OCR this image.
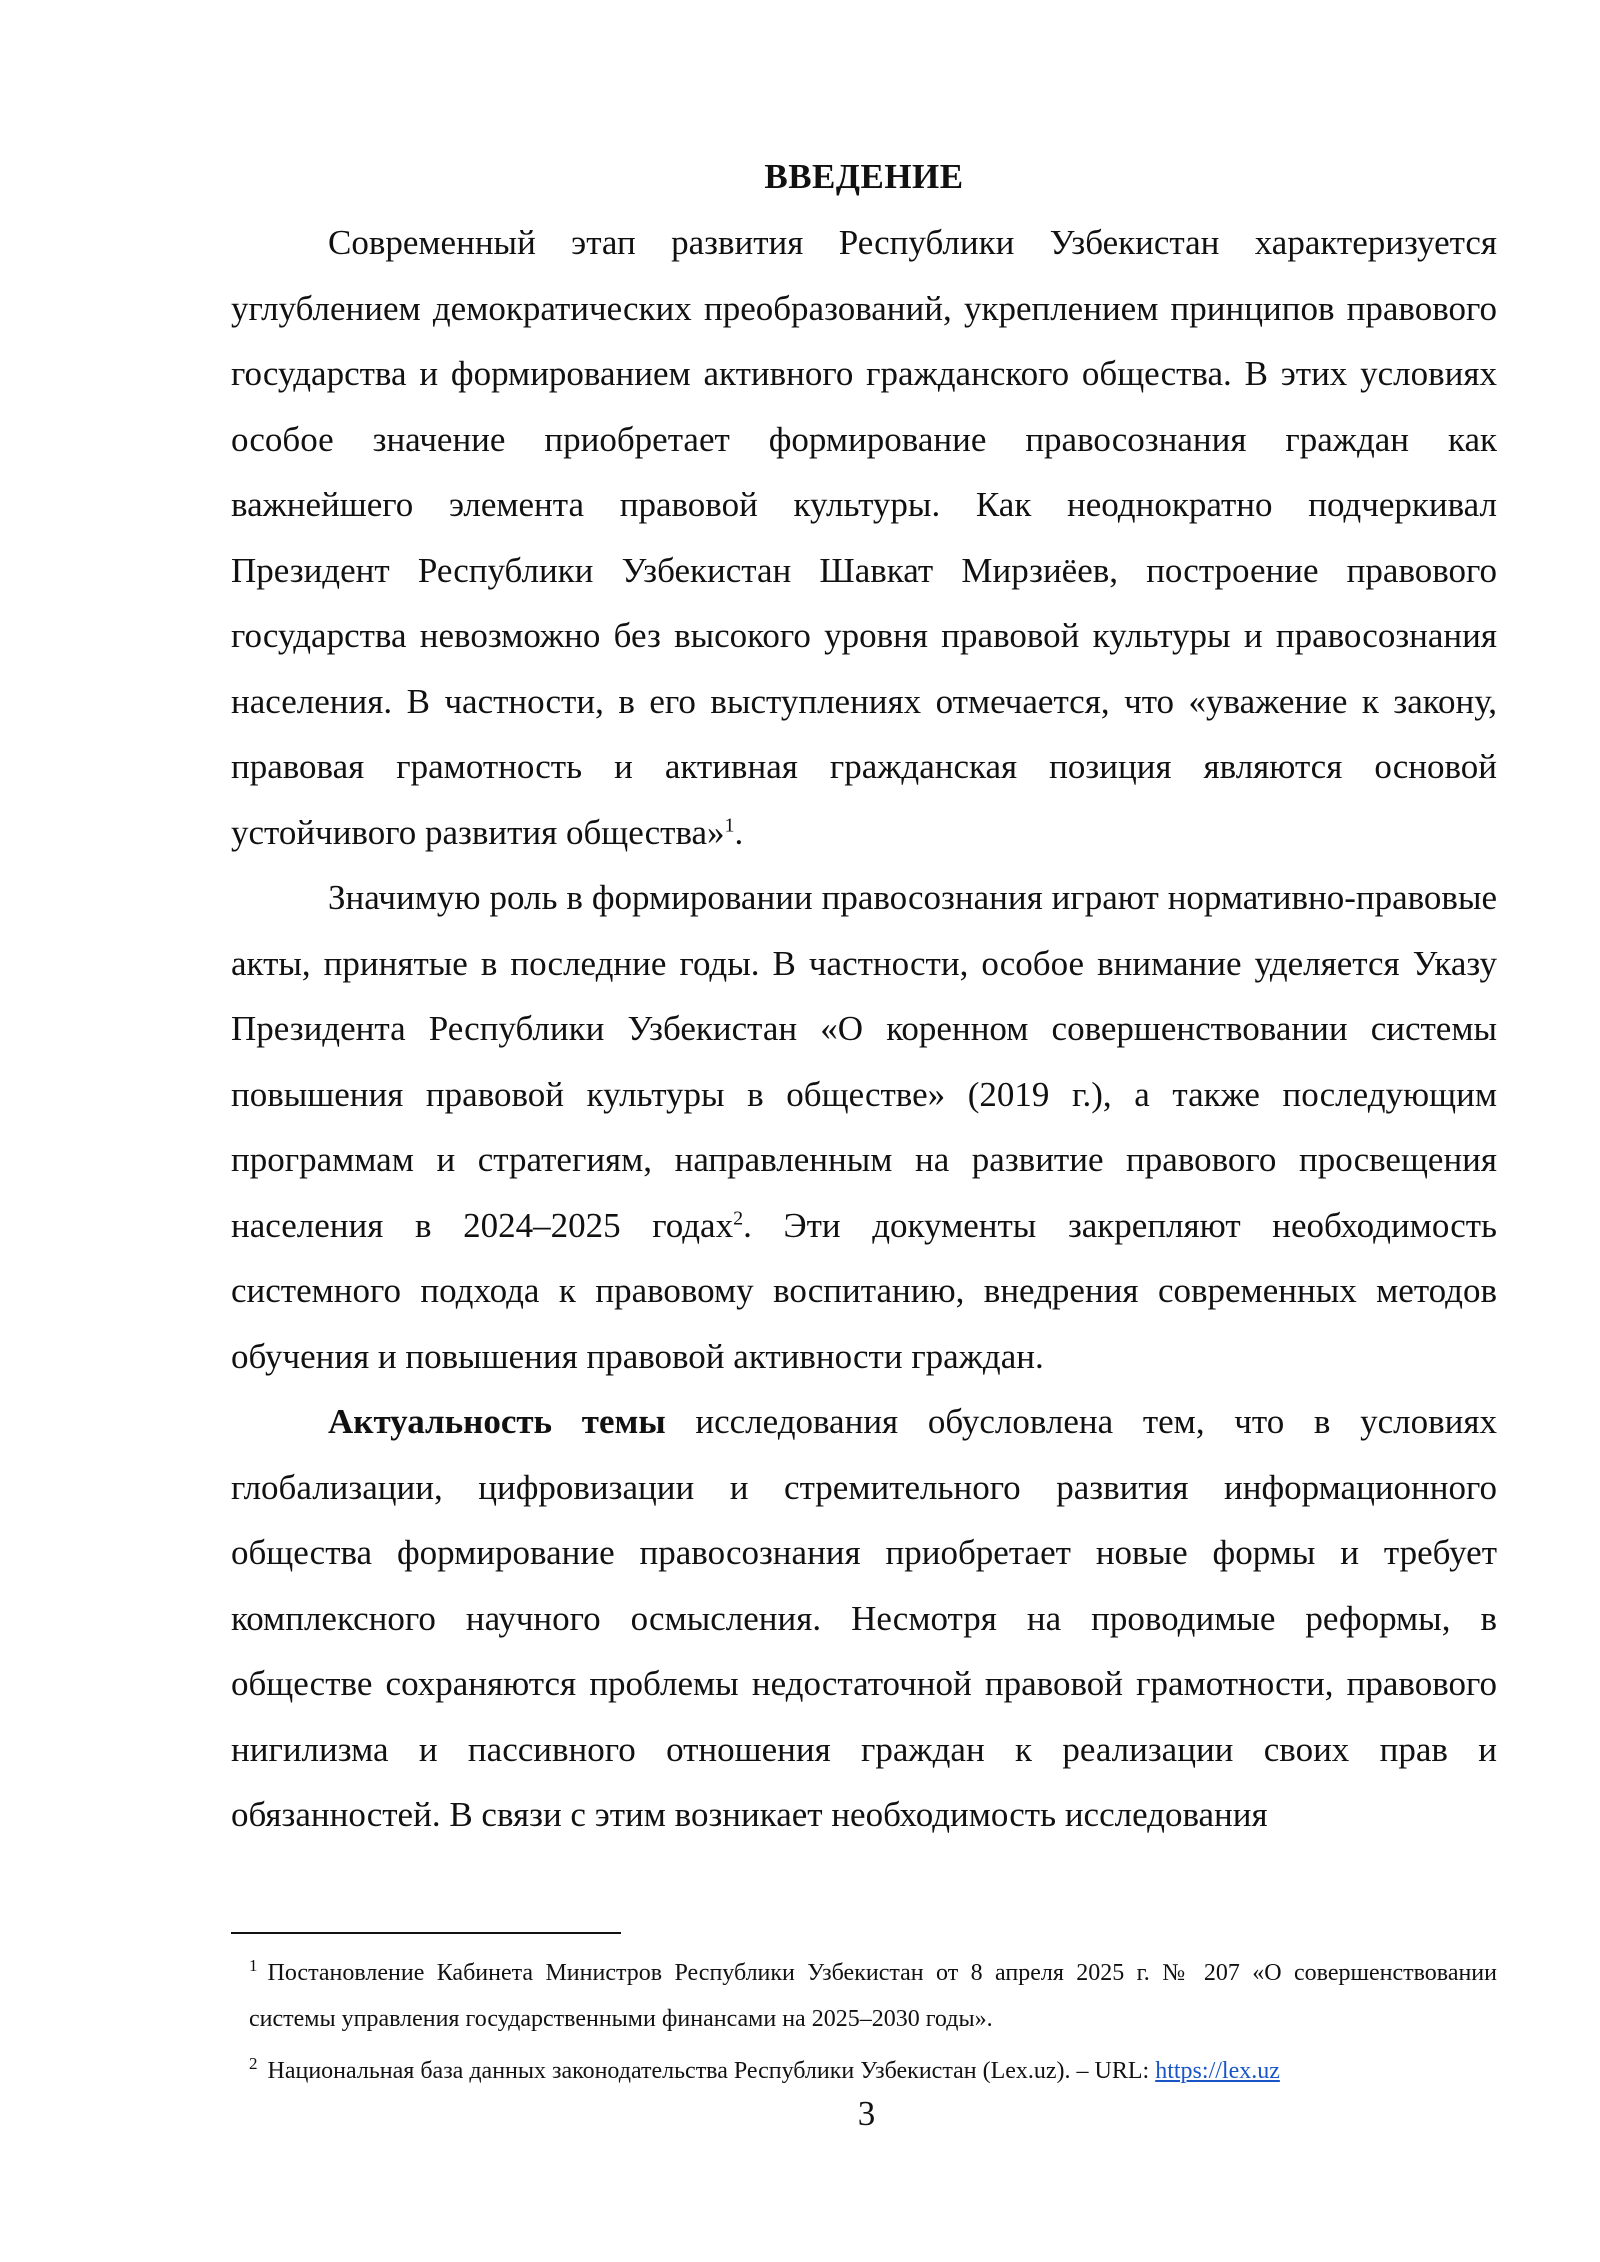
ВВЕДЕНИЕ

Современный этап развития Республики Узбекистан характеризуется углублением демократических преобразований, укреплением принципов правового государства и формированием активного гражданского общества. В этих условиях особое значение приобретает формирование правосознания граждан как важнейшего элемента правовой культуры. Как неоднократно подчеркивал Президент Республики Узбекистан Шавкат Мирзиёев, построение правового государства невозможно без высокого уровня правовой культуры и правосознания населения. В частности, в его выступлениях отмечается, что «уважение к закону, правовая грамотность и активная гражданская позиция являются основой устойчивого развития общества»$^1$.

Значимую роль в формировании правосознания играют нормативно-правовые акты, принятые в последние годы. В частности, особое внимание уделяется Указу Президента Республики Узбекистан «О коренном совершенствовании системы повышения правовой культуры в обществе» (2019 г.), а также последующим программам и стратегиям, направленным на развитие правового просвещения населения в 2024–2025 годах$^2$. Эти документы закрепляют необходимость системного подхода к правовому воспитанию, внедрения современных методов обучения и повышения правовой активности граждан.

Актуальность темы исследования обусловлена тем, что в условиях глобализации, цифровизации и стремительного развития информационного общества формирование правосознания приобретает новые формы и требует комплексного научного осмысления. Несмотря на проводимые реформы, в обществе сохраняются проблемы недостаточной правовой грамотности, правового нигилизма и пассивного отношения граждан к реализации своих прав и обязанностей. В связи с этим возникает необходимость исследования

$^1$ Постановление Кабинета Министров Республики Узбекистан от 8 апреля 2025 г. № 207 «О совершенствовании системы управления государственными финансами на 2025–2030 годы».

$^2$ Национальная база данных законодательства Республики Узбекистан (Lex.uz). – URL: https://lex.uz

3
